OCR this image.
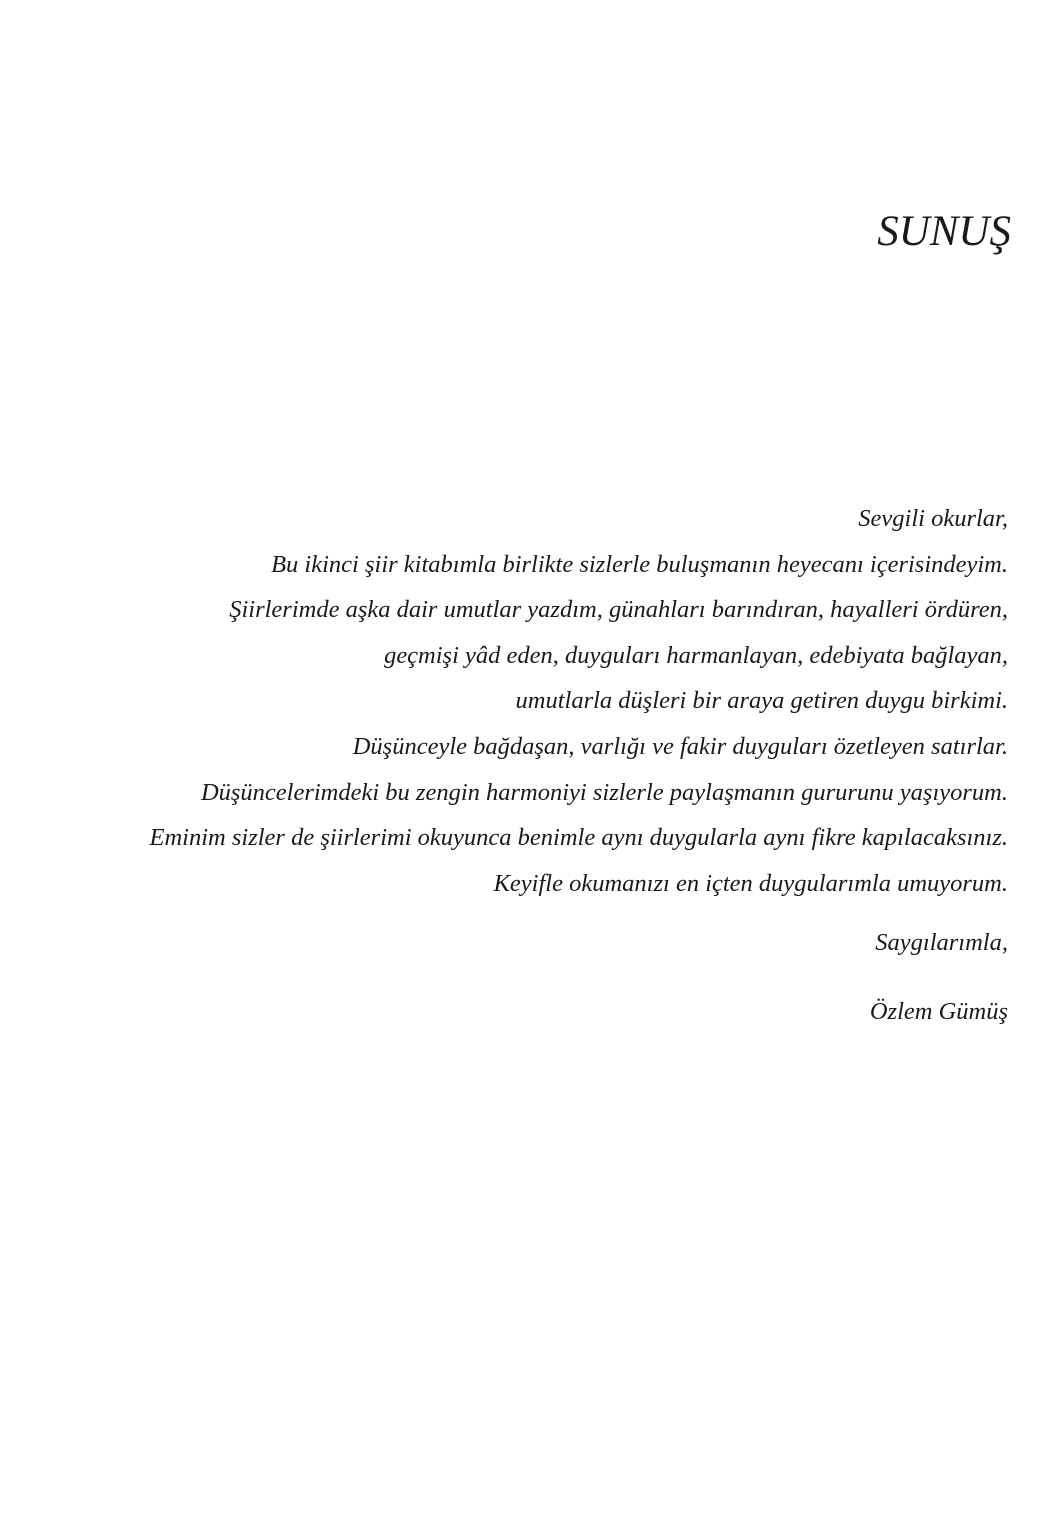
SUNUŞ
Sevgili okurlar,
Bu ikinci şiir kitabımla birlikte sizlerle buluşmanın heyecanı içerisindeyim.
Şiirlerimde aşka dair umutlar yazdım, günahları barındıran, hayalleri ördüren,
geçmişi yâd eden, duyguları harmanlayan, edebiyata bağlayan,
umutlarla düşleri bir araya getiren duygu birkimi.
Düşünceyle bağdaşan, varlığı ve fakir duyguları özetleyen satırlar.
Düşüncelerimdeki bu zengin harmoniyi sizlerle paylaşmanın gururunu yaşıyorum.
Eminim sizler de şiirlerimi okuyunca benimle aynı duygularla aynı fikre kapılacaksınız.
Keyifle okumanızı en içten duygularımla umuyorum.
Saygılarımla,
Özlem Gümüş
